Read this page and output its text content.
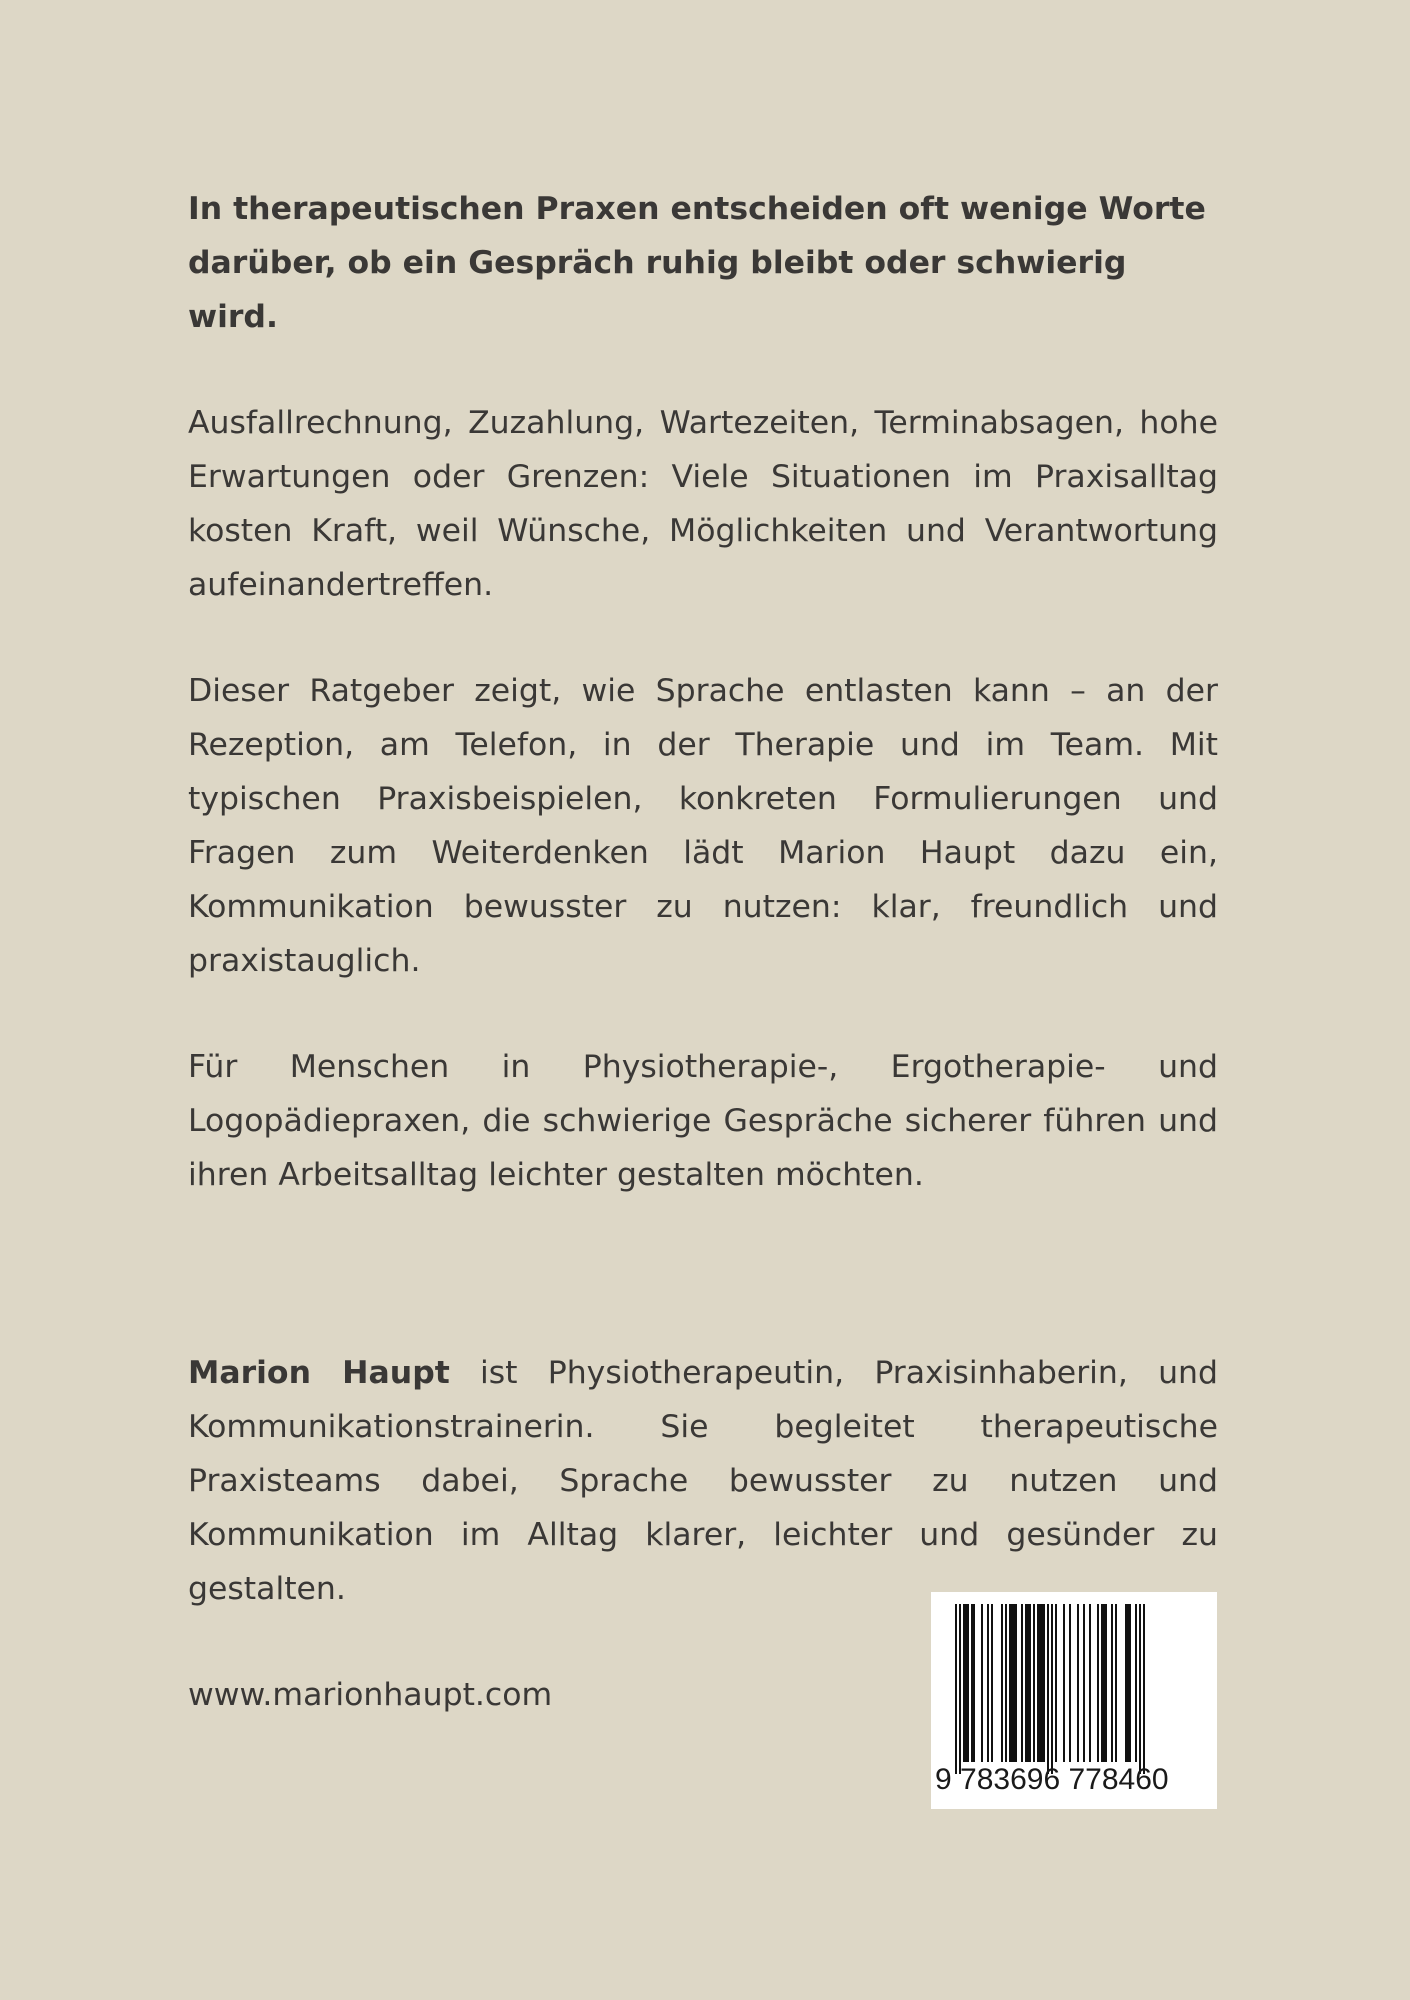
In therapeutischen Praxen entscheiden oft wenige Worte darüber, ob ein Gespräch ruhig bleibt oder schwierig wird.

Ausfallrechnung, Zuzahlung, Wartezeiten, Terminabsagen, hohe Erwartungen oder Grenzen: Viele Situationen im Praxisalltag kosten Kraft, weil Wünsche, Möglichkeiten und Verantwortung aufeinandertreffen.

Dieser Ratgeber zeigt, wie Sprache entlasten kann – an der Rezeption, am Telefon, in der Therapie und im Team. Mit typischen Praxisbeispielen, konkreten Formulierungen und Fragen zum Weiterdenken lädt Marion Haupt dazu ein, Kommunikation bewusster zu nutzen: klar, freundlich und praxistauglich.

Für Menschen in Physiotherapie-, Ergotherapie- und Logopädiepraxen, die schwierige Gespräche sicherer führen und ihren Arbeitsalltag leichter gestalten möchten.

Marion Haupt ist Physiotherapeutin, Praxisinhaberin, und Kommunikationstrainerin. Sie begleitet therapeutische Praxisteams dabei, Sprache bewusster zu nutzen und Kommunikation im Alltag klarer, leichter und gesünder zu gestalten.

www.marionhaupt.com

9 783696 778460
